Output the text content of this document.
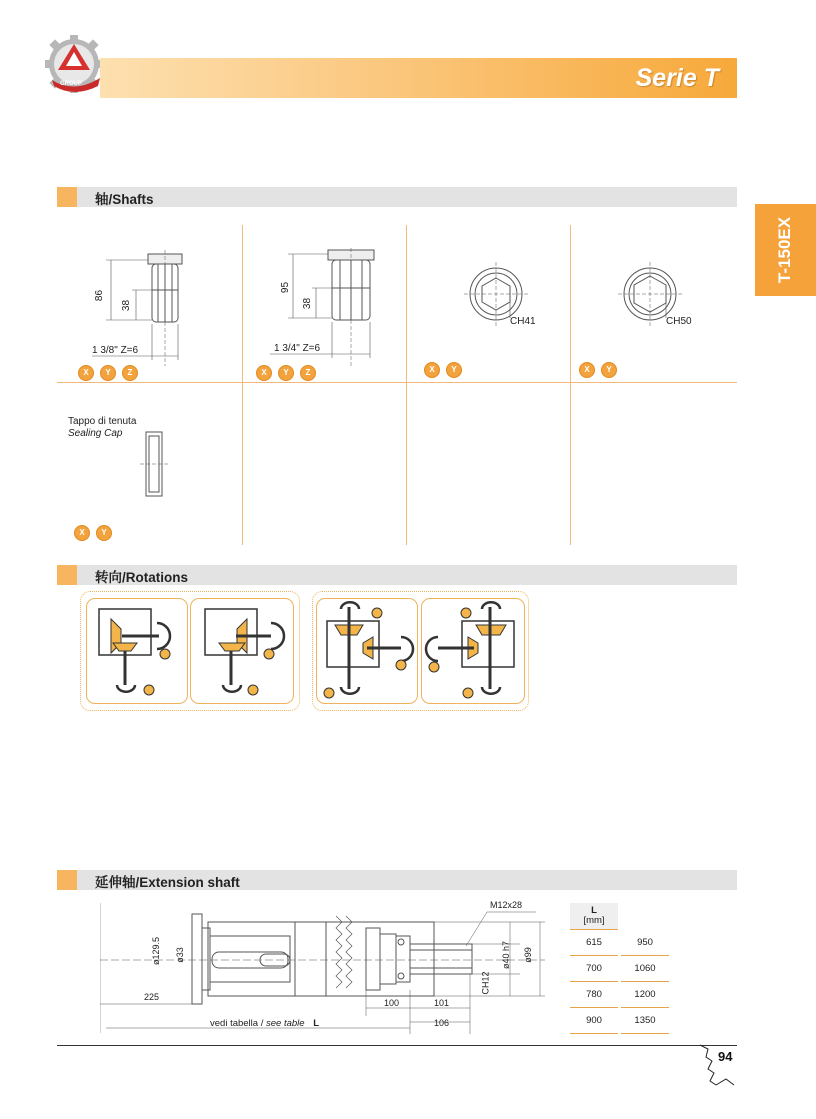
GROUP	Serie T
T-150EX
轴/Shafts
86
38
1 3/8" Z=6
X	Y	Z
95
38
1 3/4" Z=6
X	Y	Z
CH41
X	Y
CH50
X	Y
Tappo di tenuta
Sealing Cap
X	Y
转向/Rotations
延伸轴/Extension shaft
ø129.5 ø33
CH12
ø40 h7 ø99
M12x28
225
100	101
106
vedi tabella / see table L
L
[mm]	
615	950
700	1060
780	1200
900	1350
94
